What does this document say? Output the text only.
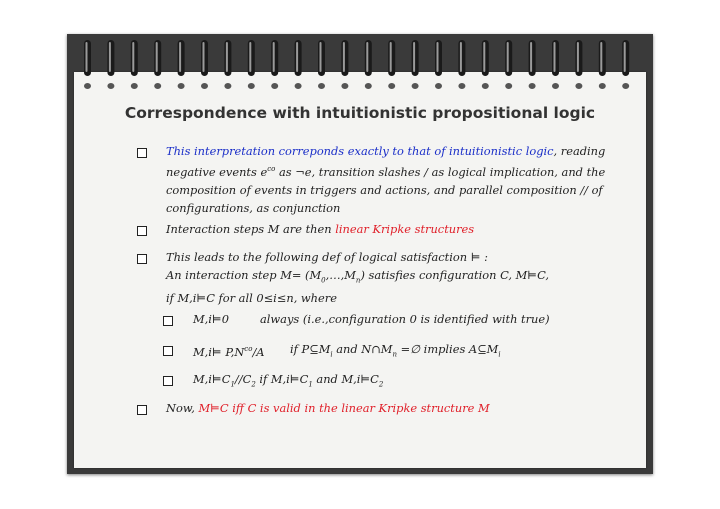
Correspondence with intuitionistic propositional logic
This interpretation correponds exactly to that of intuitionistic logic, reading
negative events $e^{co}$ as ¬e, transition slashes / as logical implication, and the
composition of events in triggers and actions, and parallel composition // of
configurations, as conjunction
Interaction steps M are then linear Kripke structures
This leads to the following def of logical satisfaction ⊨ :
An interaction step $M= (M_0,\dots,M_n)$ satisfies configuration C, M⊨C,
if M,i⊨C for all 0≤i≤n, where
M,i⊨0	always (i.e.,configuration 0 is identified with true)
M,i⊨ $P,N^{co}/A$ if $P⊆M_i$ and $N\cap M_n$ =∅ implies $A⊆M_i$
$M,i⊨C_1//C_2$ if $M,i⊨C_1$ and $M,i⊨C_2$
Now, M⊨C iff C is valid in the linear Kripke structure M
